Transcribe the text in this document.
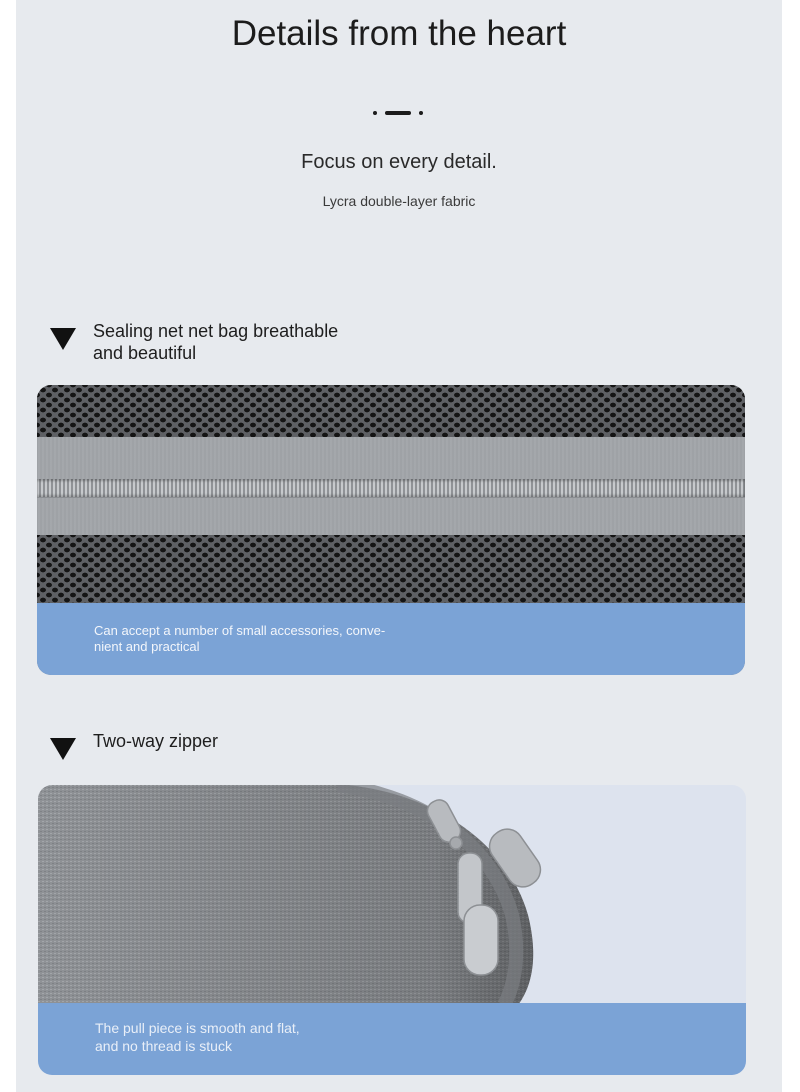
Details from the heart
Focus on every detail.
Lycra double-layer fabric
Sealing net net bag breathable
and beautiful
Can accept a number of small accessories, conve-
nient and practical
Two-way zipper
The pull piece is smooth and flat,
and no thread is stuck
